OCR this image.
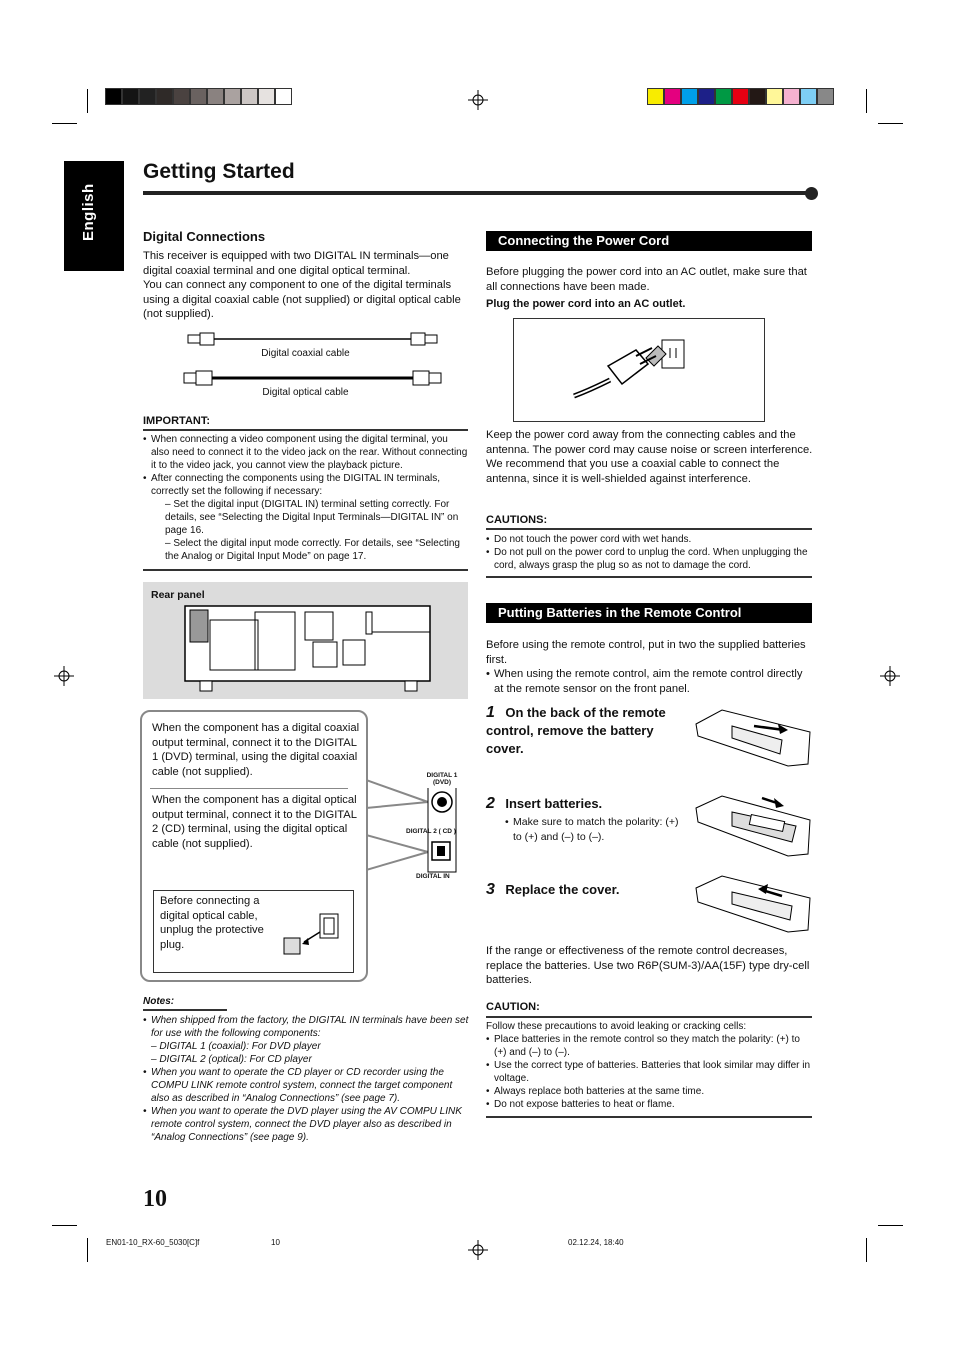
English
Getting Started
Digital Connections
This receiver is equipped with two DIGITAL IN terminals—one digital coaxial terminal and one digital optical terminal.
You can connect any component to one of the digital terminals using a digital coaxial cable (not supplied) or digital optical cable (not supplied).
Digital coaxial cable
Digital optical cable
IMPORTANT:
• When connecting a video component using the digital terminal, you also need to connect it to the video jack on the rear. Without connecting it to the video jack, you cannot view the playback picture.
• After connecting the components using the DIGITAL IN terminals, correctly set the following if necessary:
– Set the digital input (DIGITAL IN) terminal setting correctly. For details, see “Selecting the Digital Input Terminals—DIGITAL IN” on page 16.
– Select the digital input mode correctly. For details, see “Selecting the Analog or Digital Input Mode” on page 17.
Rear panel
When the component has a digital coaxial output terminal, connect it to the DIGITAL 1 (DVD) terminal, using the digital coaxial cable (not supplied).
When the component has a digital optical output terminal, connect it to the DIGITAL 2 (CD) terminal, using the digital optical cable (not supplied).
Before connecting a digital optical cable, unplug the protective plug.
DIGITAL 1
(DVD)
DIGITAL 2 ( CD )
DIGITAL IN
Notes:
• When shipped from the factory, the DIGITAL IN terminals have been set for use with the following components:
– DIGITAL 1 (coaxial): For DVD player
– DIGITAL 2 (optical): For CD player
• When you want to operate the CD player or CD recorder using the COMPU LINK remote control system, connect the target component also as described in “Analog Connections” (see page 7).
• When you want to operate the DVD player using the AV COMPU LINK remote control system, connect the DVD player also as described in “Analog Connections” (see page 9).
Connecting the Power Cord
Before plugging the power cord into an AC outlet, make sure that all connections have been made.
Plug the power cord into an AC outlet.
Keep the power cord away from the connecting cables and the antenna. The power cord may cause noise or screen interference. We recommend that you use a coaxial cable to connect the antenna, since it is well-shielded against interference.
CAUTIONS:
• Do not touch the power cord with wet hands.
• Do not pull on the power cord to unplug the cord. When unplugging the cord, always grasp the plug so as not to damage the cord.
Putting Batteries in the Remote Control
Before using the remote control, put in two the supplied batteries first.
• When using the remote control, aim the remote control directly at the remote sensor on the front panel.
1 On the back of the remote control, remove the battery cover.
2 Insert batteries.
• Make sure to match the polarity: (+) to (+) and (–) to (–).
3 Replace the cover.
If the range or effectiveness of the remote control decreases, replace the batteries. Use two R6P(SUM-3)/AA(15F) type dry-cell batteries.
CAUTION:
Follow these precautions to avoid leaking or cracking cells:
• Place batteries in the remote control so they match the polarity: (+) to (+) and (–) to (–).
• Use the correct type of batteries. Batteries that look similar may differ in voltage.
• Always replace both batteries at the same time.
• Do not expose batteries to heat or flame.
10
EN01-10_RX-60_5030[C]f	10	02.12.24, 18:40
